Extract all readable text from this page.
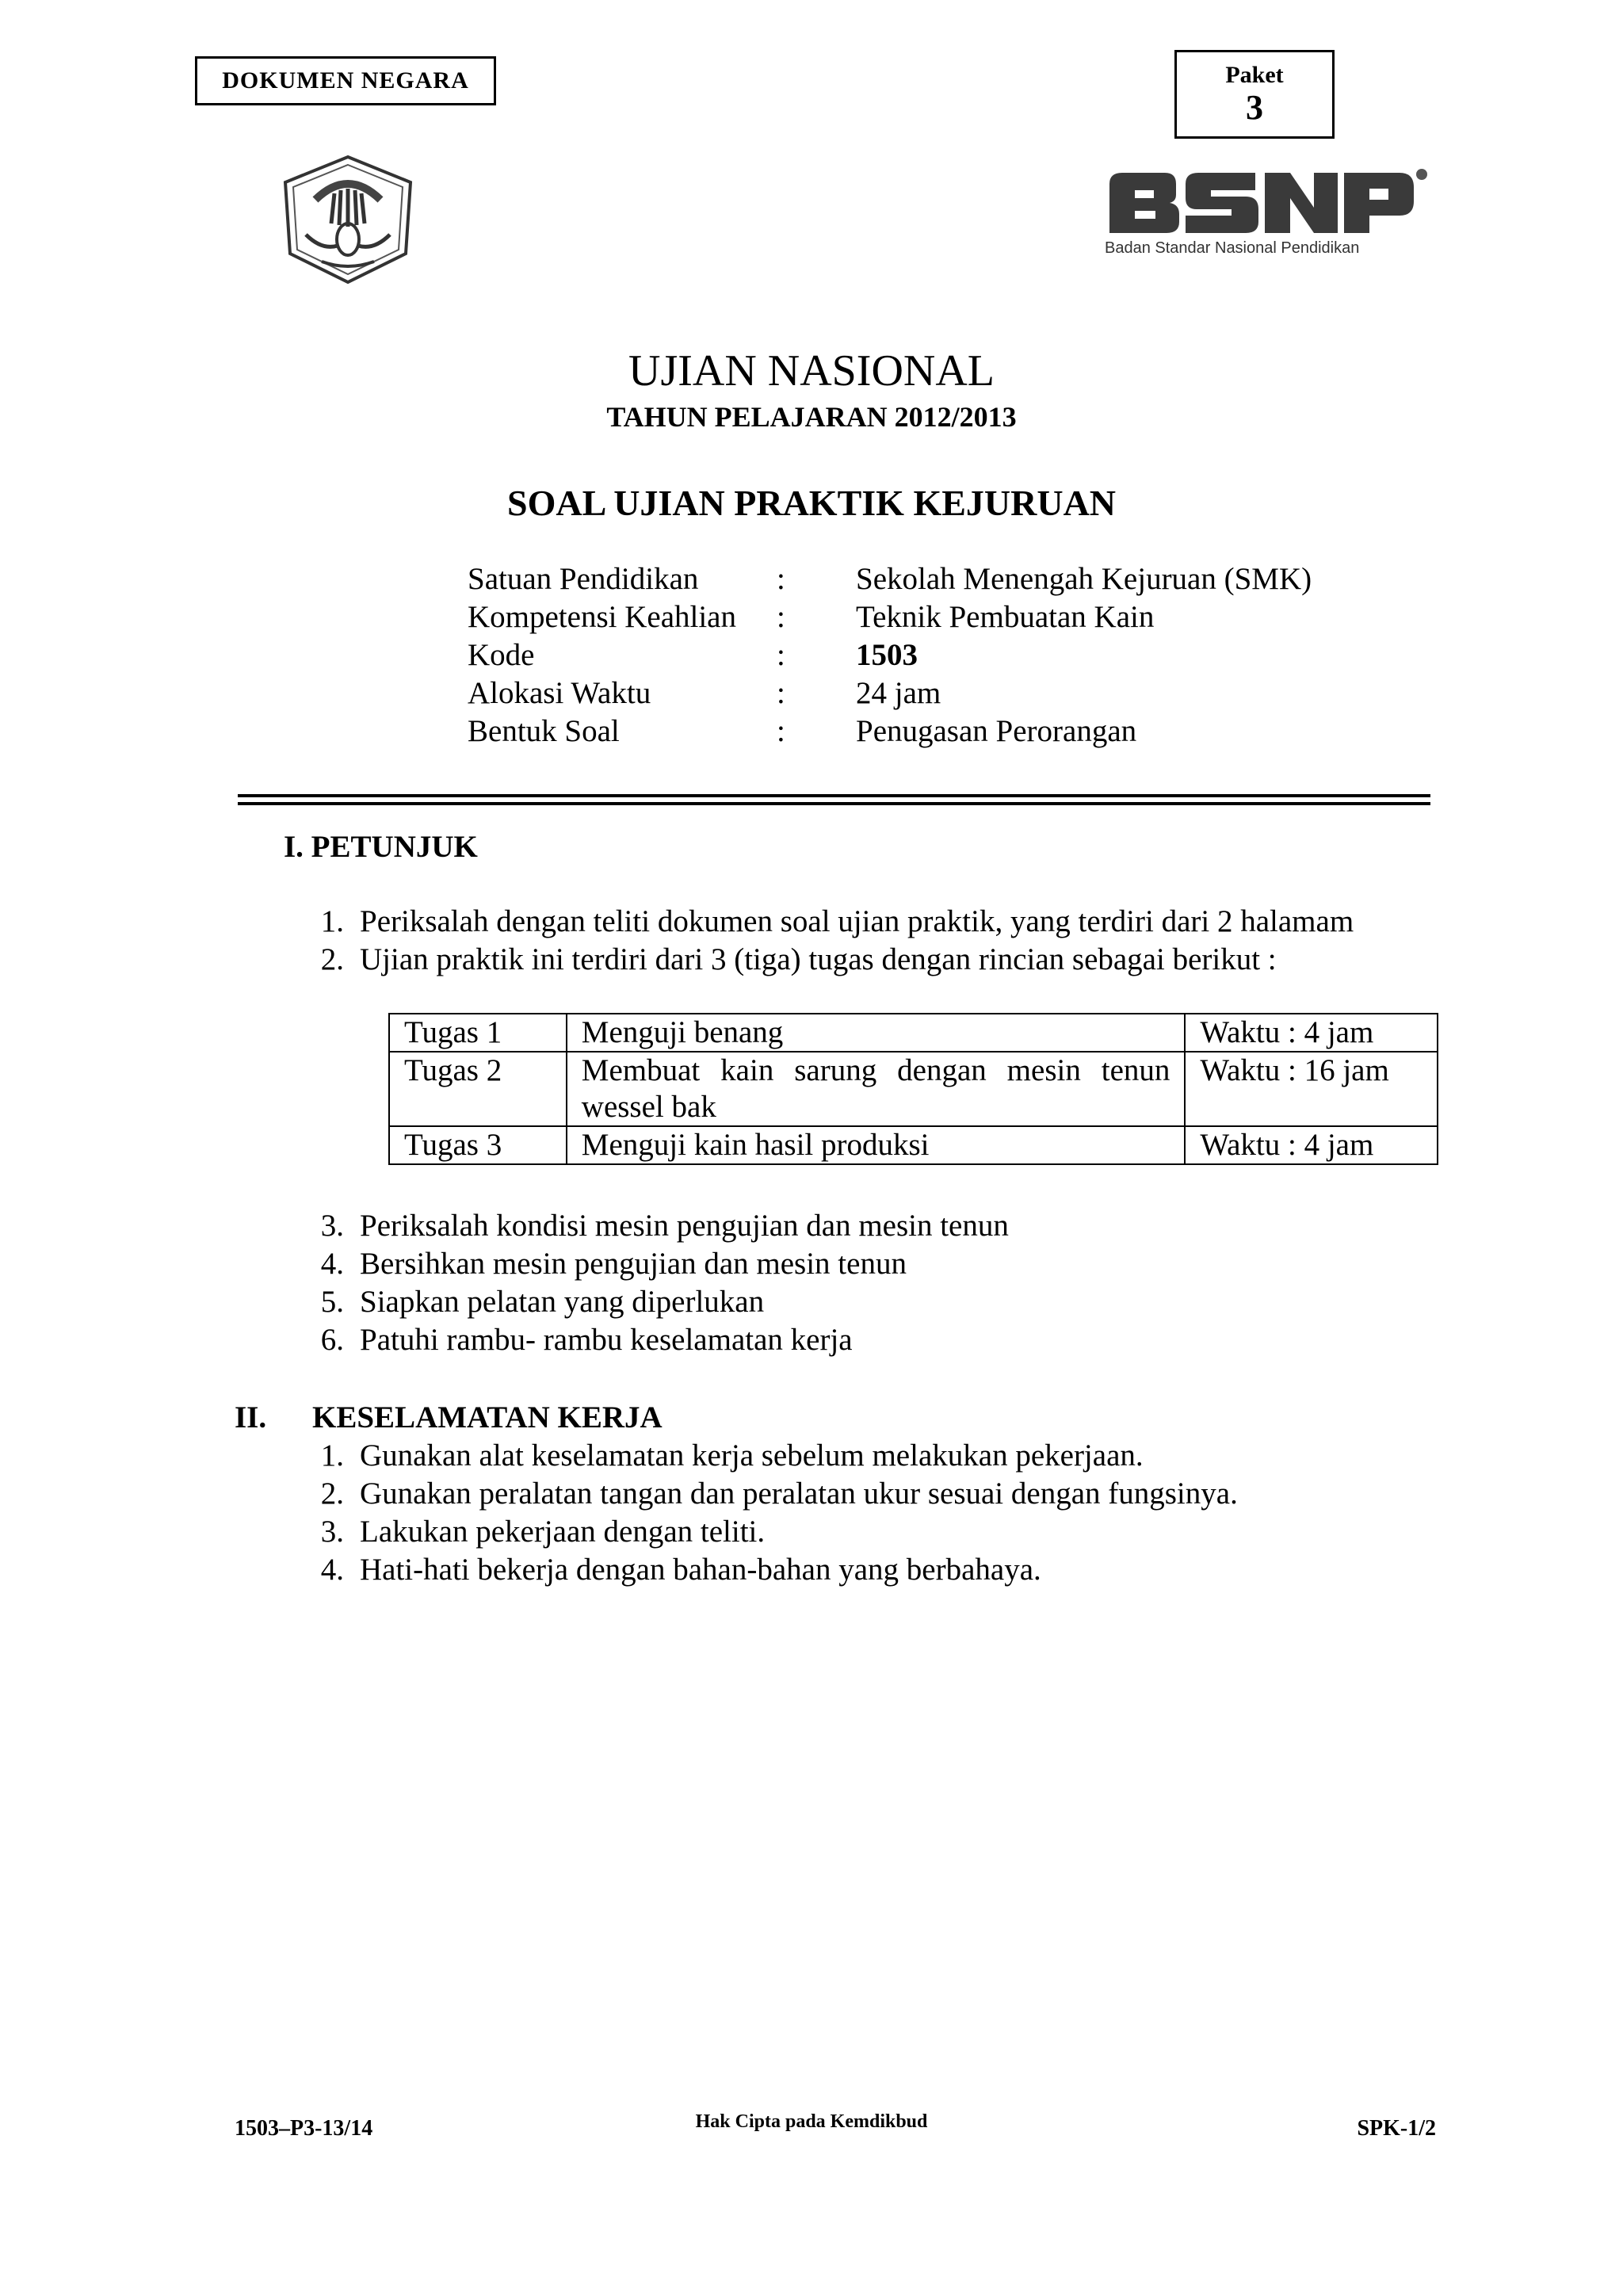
DOKUMEN NEGARA	Paket
3
Badan Standar Nasional Pendidikan
UJIAN NASIONAL
TAHUN PELAJARAN 2012/2013
SOAL UJIAN PRAKTIK KEJURUAN
Satuan Pendidikan	: Sekolah Menengah Kejuruan (SMK)
Kompetensi Keahlian : Teknik Pembuatan Kain
Kode	: 1503
Alokasi Waktu	: 24 jam
Bentuk Soal	: Penugasan Perorangan
I. PETUNJUK
1. Periksalah dengan teliti dokumen soal ujian praktik, yang terdiri dari 2 halamam
2. Ujian praktik ini terdiri dari 3 (tiga) tugas dengan rincian sebagai berikut :
Tugas 1	Menguji benang	Waktu : 4 jam
Tugas 2	Membuat kain sarung dengan mesin tenun wessel bak	Waktu : 16 jam
Tugas 3	Menguji kain hasil produksi	Waktu : 4 jam
3. Periksalah kondisi mesin pengujian dan mesin tenun
4. Bersihkan mesin pengujian dan mesin tenun
5. Siapkan pelatan yang diperlukan
6. Patuhi rambu- rambu keselamatan kerja
II. KESELAMATAN KERJA
1. Gunakan alat keselamatan kerja sebelum melakukan pekerjaan.
2. Gunakan peralatan tangan dan peralatan ukur sesuai dengan fungsinya.
3. Lakukan pekerjaan dengan teliti.
4. Hati-hati bekerja dengan bahan-bahan yang berbahaya.
1503–P3-13/14	Hak Cipta pada Kemdikbud	SPK-1/2
